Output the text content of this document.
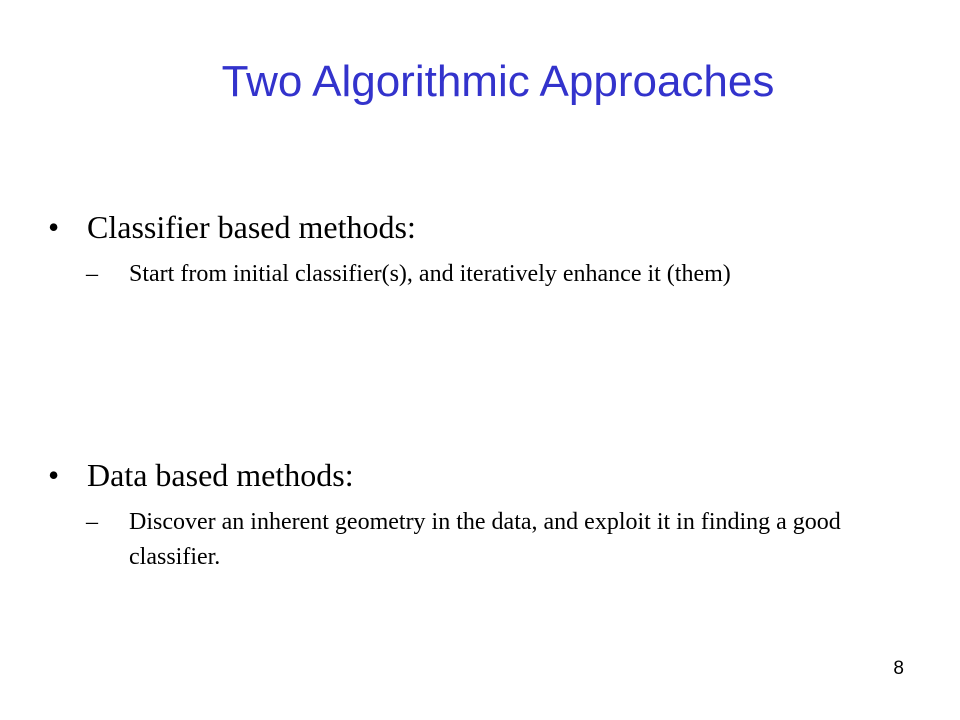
Two Algorithmic Approaches
• Classifier based methods:
– Start from initial classifier(s), and iteratively enhance it (them)
• Data based methods:
– Discover an inherent geometry in the data, and exploit it in finding a good classifier.
8
